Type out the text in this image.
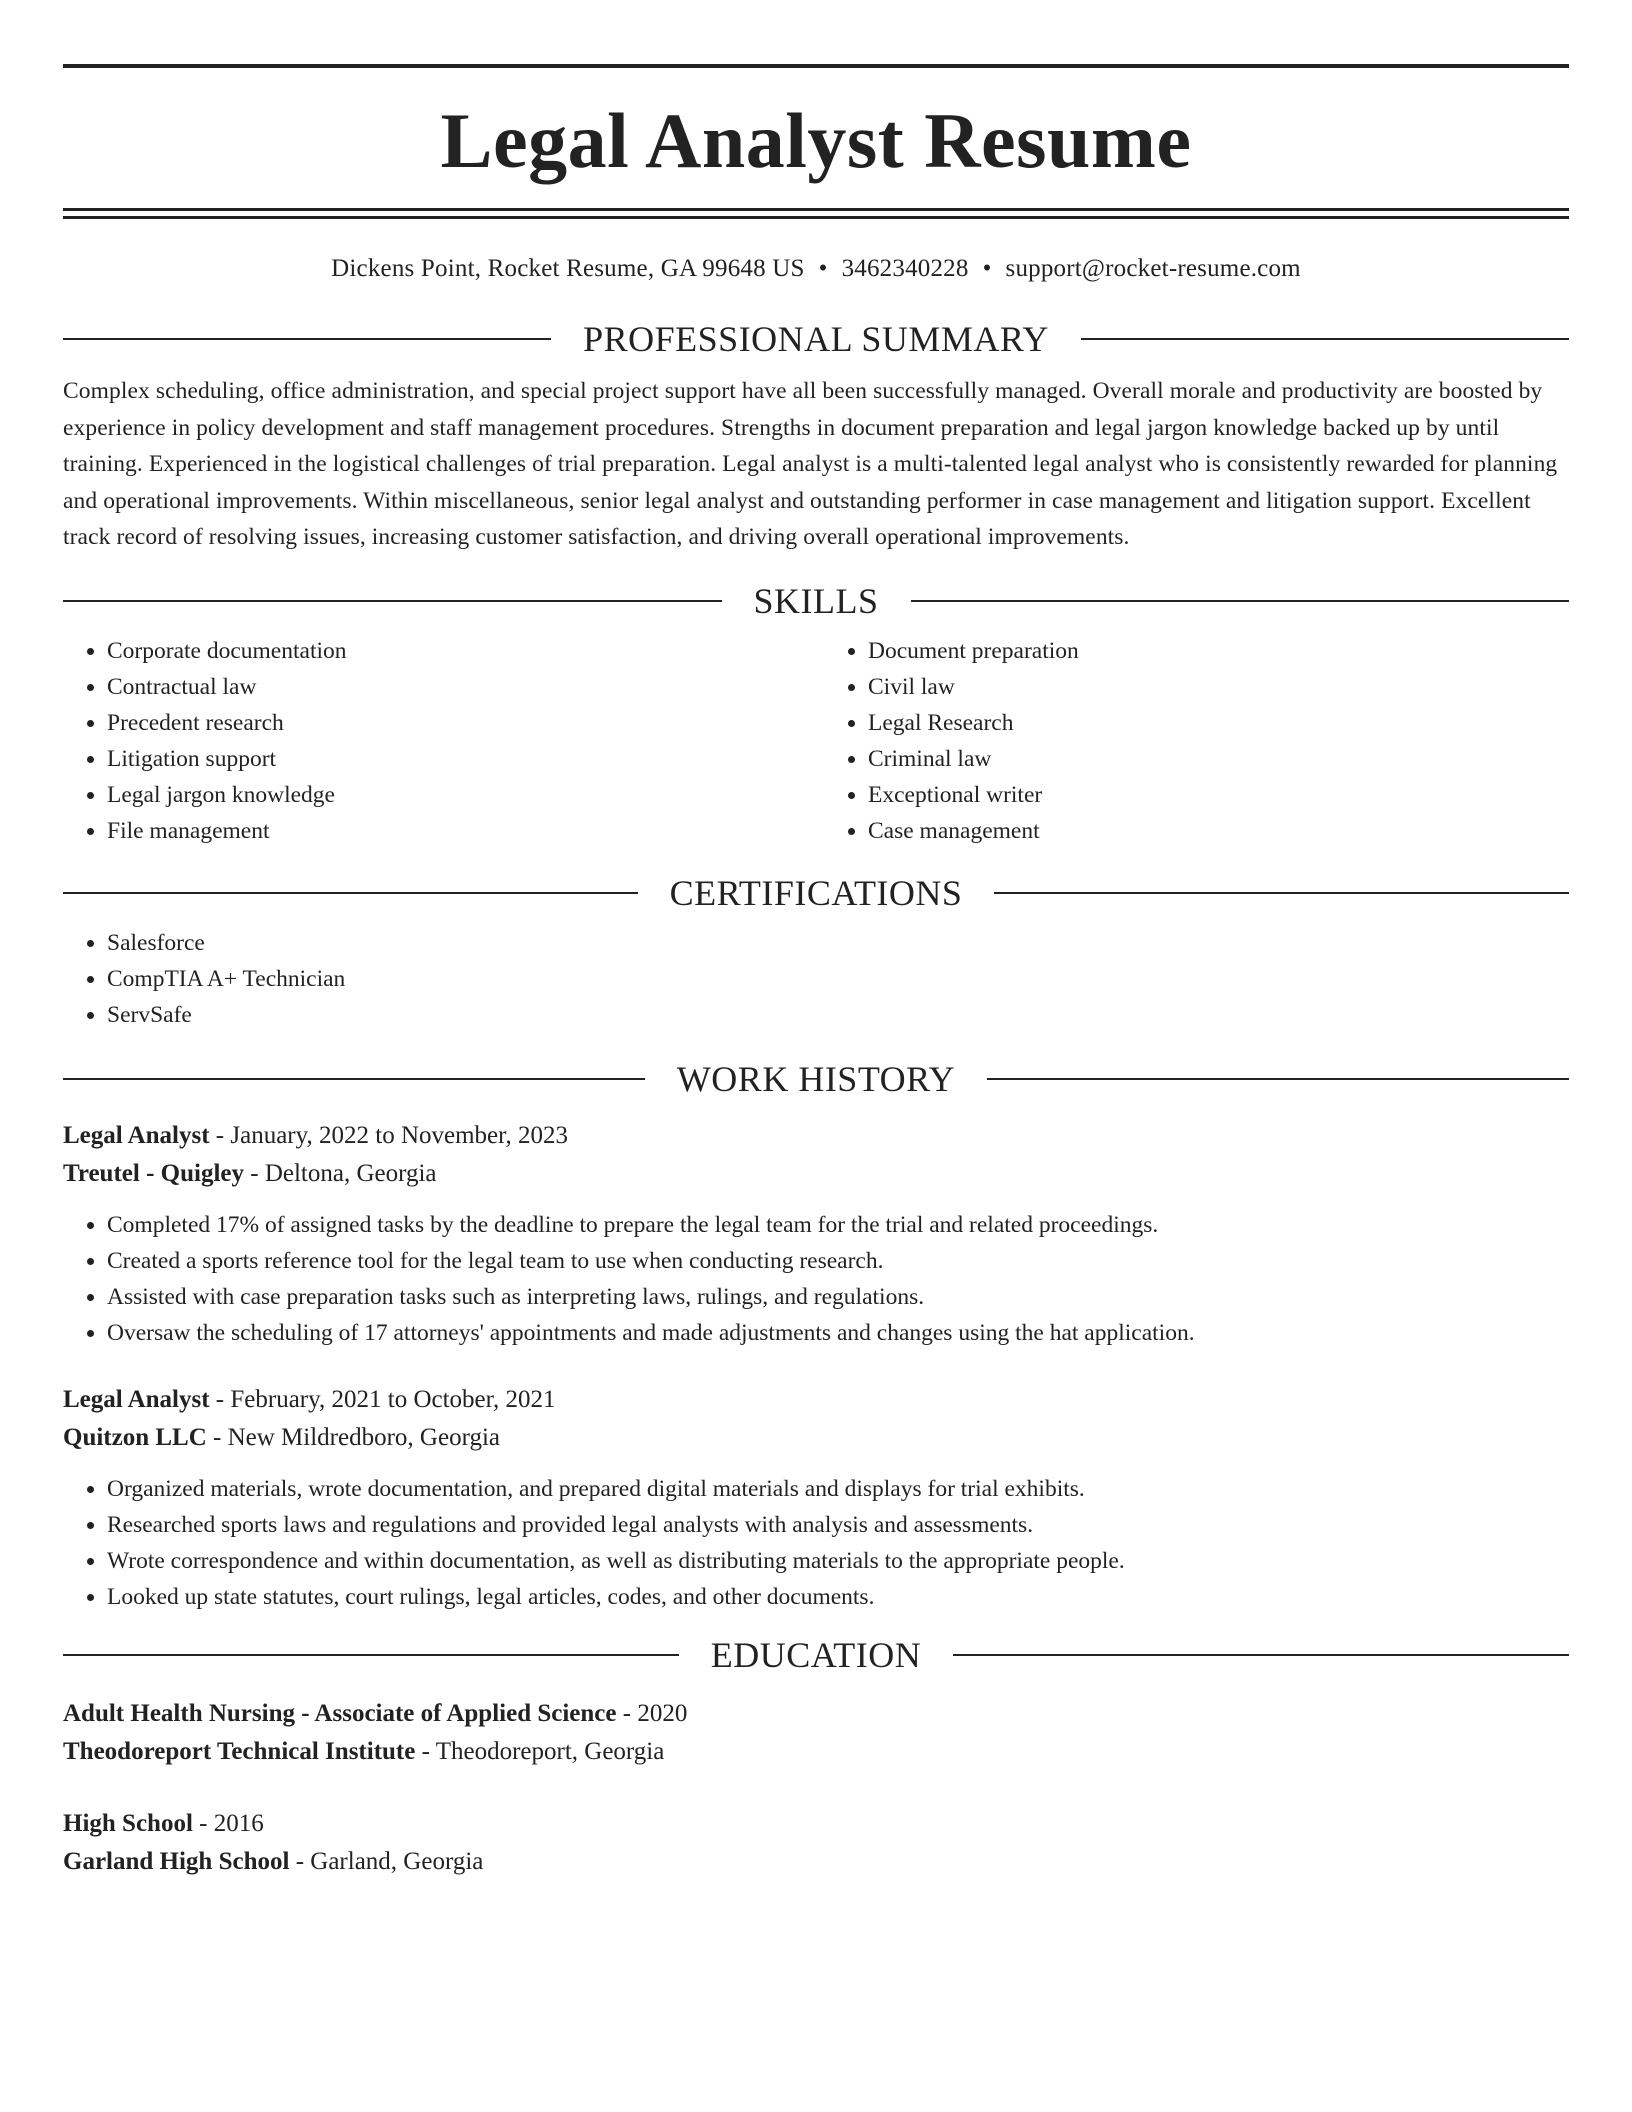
Legal Analyst Resume
Dickens Point, Rocket Resume, GA 99648 US • 3462340228 • support@rocket-resume.com
PROFESSIONAL SUMMARY

Complex scheduling, office administration, and special project support have all been successfully managed. Overall morale and productivity are boosted by experience in policy development and staff management procedures. Strengths in document preparation and legal jargon knowledge backed up by until training. Experienced in the logistical challenges of trial preparation. Legal analyst is a multi-talented legal analyst who is consistently rewarded for planning and operational improvements. Within miscellaneous, senior legal analyst and outstanding performer in case management and litigation support. Excellent track record of resolving issues, increasing customer satisfaction, and driving overall operational improvements.

SKILLS
• Corporate documentation
• Contractual law
• Precedent research
• Litigation support
• Legal jargon knowledge
• File management
• Document preparation
• Civil law
• Legal Research
• Criminal law
• Exceptional writer
• Case management
CERTIFICATIONS
• Salesforce
• CompTIA A+ Technician
• ServSafe
WORK HISTORY
Legal Analyst - January, 2022 to November, 2023
Treutel - Quigley - Deltona, Georgia
• Completed 17% of assigned tasks by the deadline to prepare the legal team for the trial and related proceedings.
• Created a sports reference tool for the legal team to use when conducting research.
• Assisted with case preparation tasks such as interpreting laws, rulings, and regulations.
• Oversaw the scheduling of 17 attorneys' appointments and made adjustments and changes using the hat application.
Legal Analyst - February, 2021 to October, 2021
Quitzon LLC - New Mildredboro, Georgia
• Organized materials, wrote documentation, and prepared digital materials and displays for trial exhibits.
• Researched sports laws and regulations and provided legal analysts with analysis and assessments.
• Wrote correspondence and within documentation, as well as distributing materials to the appropriate people.
• Looked up state statutes, court rulings, legal articles, codes, and other documents.
EDUCATION
Adult Health Nursing - Associate of Applied Science - 2020
Theodoreport Technical Institute - Theodoreport, Georgia
High School - 2016
Garland High School - Garland, Georgia
